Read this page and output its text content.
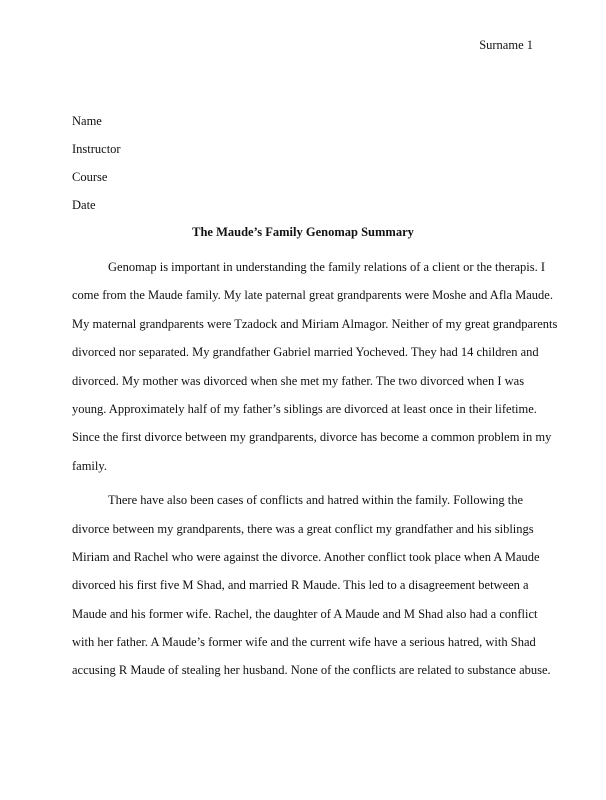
Surname 1
Name
Instructor
Course
Date
The Maude’s Family Genomap Summary
Genomap is important in understanding the family relations of a client or the therapis. I
come from the Maude family. My late paternal great grandparents were Moshe and Afla Maude.
My maternal grandparents were Tzadock and Miriam Almagor. Neither of my great grandparents
divorced nor separated. My grandfather Gabriel married Yocheved. They had 14 children and
divorced. My mother was divorced when she met my father. The two divorced when I was
young. Approximately half of my father’s siblings are divorced at least once in their lifetime.
Since the first divorce between my grandparents, divorce has become a common problem in my
family.
There have also been cases of conflicts and hatred within the family. Following the
divorce between my grandparents, there was a great conflict my grandfather and his siblings
Miriam and Rachel who were against the divorce. Another conflict took place when A Maude
divorced his first five M Shad, and married R Maude. This led to a disagreement between a
Maude and his former wife. Rachel, the daughter of A Maude and M Shad also had a conflict
with her father. A Maude’s former wife and the current wife have a serious hatred, with Shad
accusing R Maude of stealing her husband. None of the conflicts are related to substance abuse.
